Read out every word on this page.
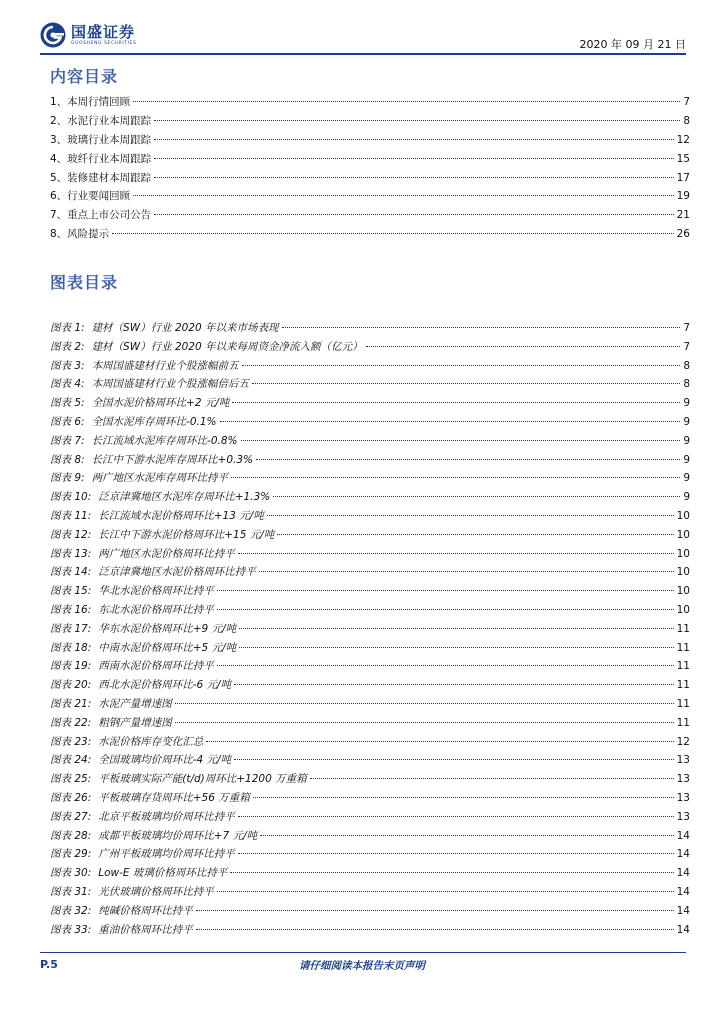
国盛证券
GUOSHENG SECURITIES	2020 年 09 月 21 日
内容目录
1、本周行情回顾	7
2、水泥行业本周跟踪	8
3、玻璃行业本周跟踪	12
4、玻纤行业本周跟踪	15
5、装修建材本周跟踪	17
6、行业要闻回顾	19
7、重点上市公司公告	21
8、风险提示	26
图表目录
图表 1: 建材（SW）行业 2020 年以来市场表现	7
图表 2: 建材（SW）行业 2020 年以来每周资金净流入额（亿元）	7
图表 3: 本周国盛建材行业个股涨幅前五	8
图表 4: 本周国盛建材行业个股涨幅倍后五	8
图表 5: 全国水泥价格周环比+2 元/吨	9
图表 6: 全国水泥库存周环比-0.1%	9
图表 7: 长江流域水泥库存周环比-0.8%	9
图表 8: 长江中下游水泥库存周环比+0.3%	9
图表 9: 两广地区水泥库存周环比持平	9
图表 10: 泛京津冀地区水泥库存周环比+1.3%	9
图表 11: 长江流域水泥价格周环比+13 元/吨	10
图表 12: 长江中下游水泥价格周环比+15 元/吨	10
图表 13: 两广地区水泥价格周环比持平	10
图表 14: 泛京津冀地区水泥价格周环比持平	10
图表 15: 华北水泥价格周环比持平	10
图表 16: 东北水泥价格周环比持平	10
图表 17: 华东水泥价格周环比+9 元/吨	11
图表 18: 中南水泥价格周环比+5 元/吨	11
图表 19: 西南水泥价格周环比持平	11
图表 20: 西北水泥价格周环比-6 元/吨	11
图表 21: 水泥产量增速图	11
图表 22: 粗钢产量增速图	11
图表 23: 水泥价格库存变化汇总	12
图表 24: 全国玻璃均价周环比-4 元/吨	13
图表 25: 平板玻璃实际产能(t/d)周环比+1200 万重箱	13
图表 26: 平板玻璃存货周环比+56 万重箱	13
图表 27: 北京平板玻璃均价周环比持平	13
图表 28: 成都平板玻璃均价周环比+7 元/吨	14
图表 29: 广州平板玻璃均价周环比持平	14
图表 30: Low-E 玻璃价格周环比持平	14
图表 31: 光伏玻璃价格周环比持平	14
图表 32: 纯碱价格周环比持平	14
图表 33: 重油价格周环比持平	14
P.5	请仔细阅读本报告末页声明
